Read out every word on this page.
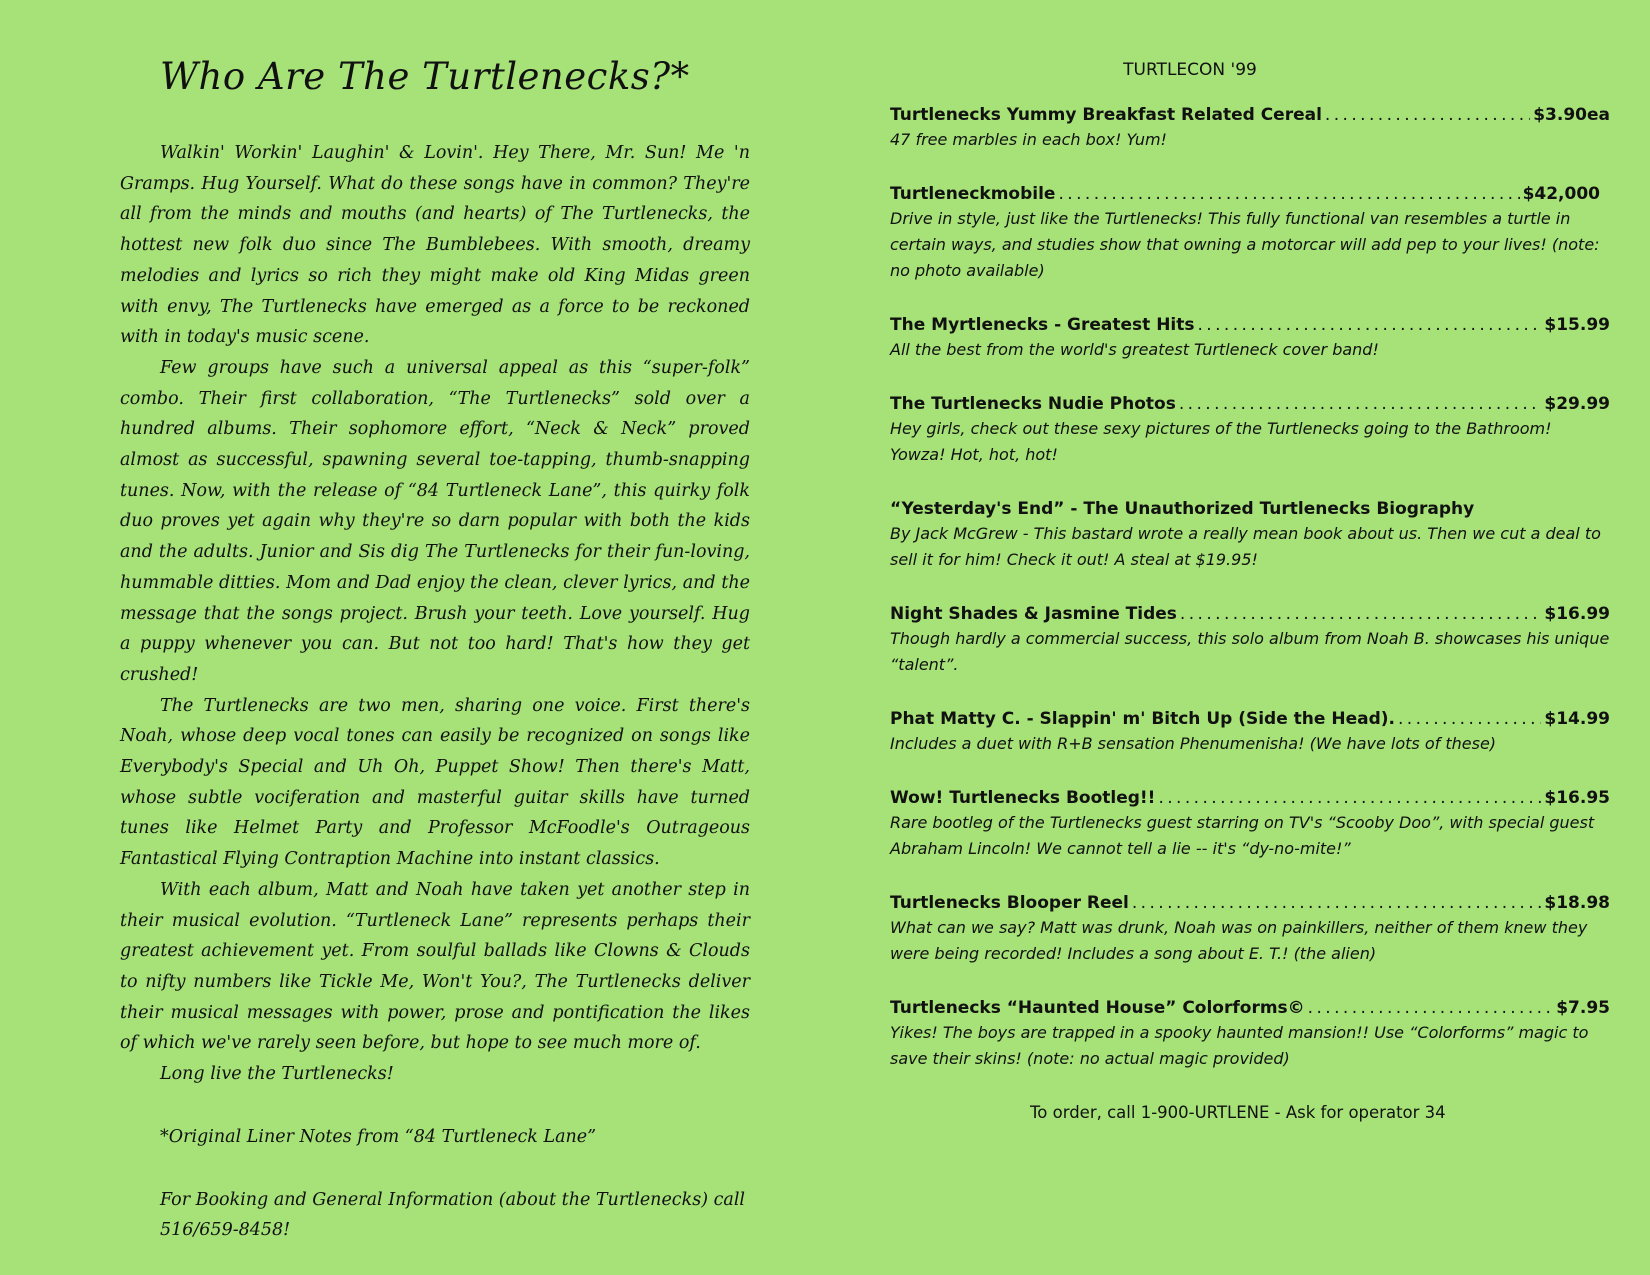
Who Are The Turtlenecks?*

Walkin' Workin' Laughin' & Lovin'. Hey There, Mr. Sun! Me 'n Gramps. Hug Yourself. What do these songs have in common? They're all from the minds and mouths (and hearts) of The Turtlenecks, the hottest new folk duo since The Bumblebees. With smooth, dreamy melodies and lyrics so rich they might make old King Midas green with envy, The Turtlenecks have emerged as a force to be reckoned with in today's music scene.

Few groups have such a universal appeal as this “super-folk” combo. Their first collaboration, “The Turtlenecks” sold over a hundred albums. Their sophomore effort, “Neck & Neck” proved almost as successful, spawning several toe-tapping, thumb-snapping tunes. Now, with the release of “84 Turtleneck Lane”, this quirky folk duo proves yet again why they're so darn popular with both the kids and the adults. Junior and Sis dig The Turtlenecks for their fun-loving, hummable ditties. Mom and Dad enjoy the clean, clever lyrics, and the message that the songs project. Brush your teeth. Love yourself. Hug a puppy whenever you can. But not too hard! That's how they get crushed!

The Turtlenecks are two men, sharing one voice. First there's Noah, whose deep vocal tones can easily be recognized on songs like Everybody's Special and Uh Oh, Puppet Show! Then there's Matt, whose subtle vociferation and masterful guitar skills have turned tunes like Helmet Party and Professor McFoodle's Outrageous Fantastical Flying Contraption Machine into instant classics.

With each album, Matt and Noah have taken yet another step in their musical evolution. “Turtleneck Lane” represents perhaps their greatest achievement yet. From soulful ballads like Clowns & Clouds to nifty numbers like Tickle Me, Won't You?, The Turtlenecks deliver their musical messages with power, prose and pontification the likes of which we've rarely seen before, but hope to see much more of.

Long live the Turtlenecks!

*Original Liner Notes from “84 Turtleneck Lane”

For Booking and General Information (about the Turtlenecks) call 516/659-8458!

TURTLECON '99
Turtlenecks Yummy Breakfast Related Cereal . . .	$3.90ea
47 free marbles in each box! Yum!
Turtleneckmobile . . .	$42,000
Drive in style, just like the Turtlenecks! This fully functional van resembles a turtle in certain ways, and studies show that owning a motorcar will add pep to your lives! (note: no photo available)
The Myrtlenecks - Greatest Hits . . .	$15.99
All the best from the world's greatest Turtleneck cover band!
The Turtlenecks Nudie Photos . . .	$29.99
Hey girls, check out these sexy pictures of the Turtlenecks going to the Bathroom! Yowza! Hot, hot, hot!
“Yesterday's End” - The Unauthorized Turtlenecks Biography
By Jack McGrew - This bastard wrote a really mean book about us. Then we cut a deal to sell it for him! Check it out! A steal at $19.95!
Night Shades & Jasmine Tides . . .	$16.99
Though hardly a commercial success, this solo album from Noah B. showcases his unique “talent”.
Phat Matty C. - Slappin' m' Bitch Up (Side the Head). . . .	$14.99
Includes a duet with R+B sensation Phenumenisha! (We have lots of these)
Wow! Turtlenecks Bootleg!! . . .	$16.95
Rare bootleg of the Turtlenecks guest starring on TV's “Scooby Doo”, with special guest Abraham Lincoln! We cannot tell a lie -- it's “dy-no-mite!”
Turtlenecks Blooper Reel . . .	$18.98
What can we say? Matt was drunk, Noah was on painkillers, neither of them knew they were being recorded! Includes a song about E. T.! (the alien)
Turtlenecks “Haunted House” Colorforms© . . .	$7.95
Yikes! The boys are trapped in a spooky haunted mansion!! Use “Colorforms” magic to save their skins! (note: no actual magic provided)
To order, call 1-900-URTLENE - Ask for operator 34
